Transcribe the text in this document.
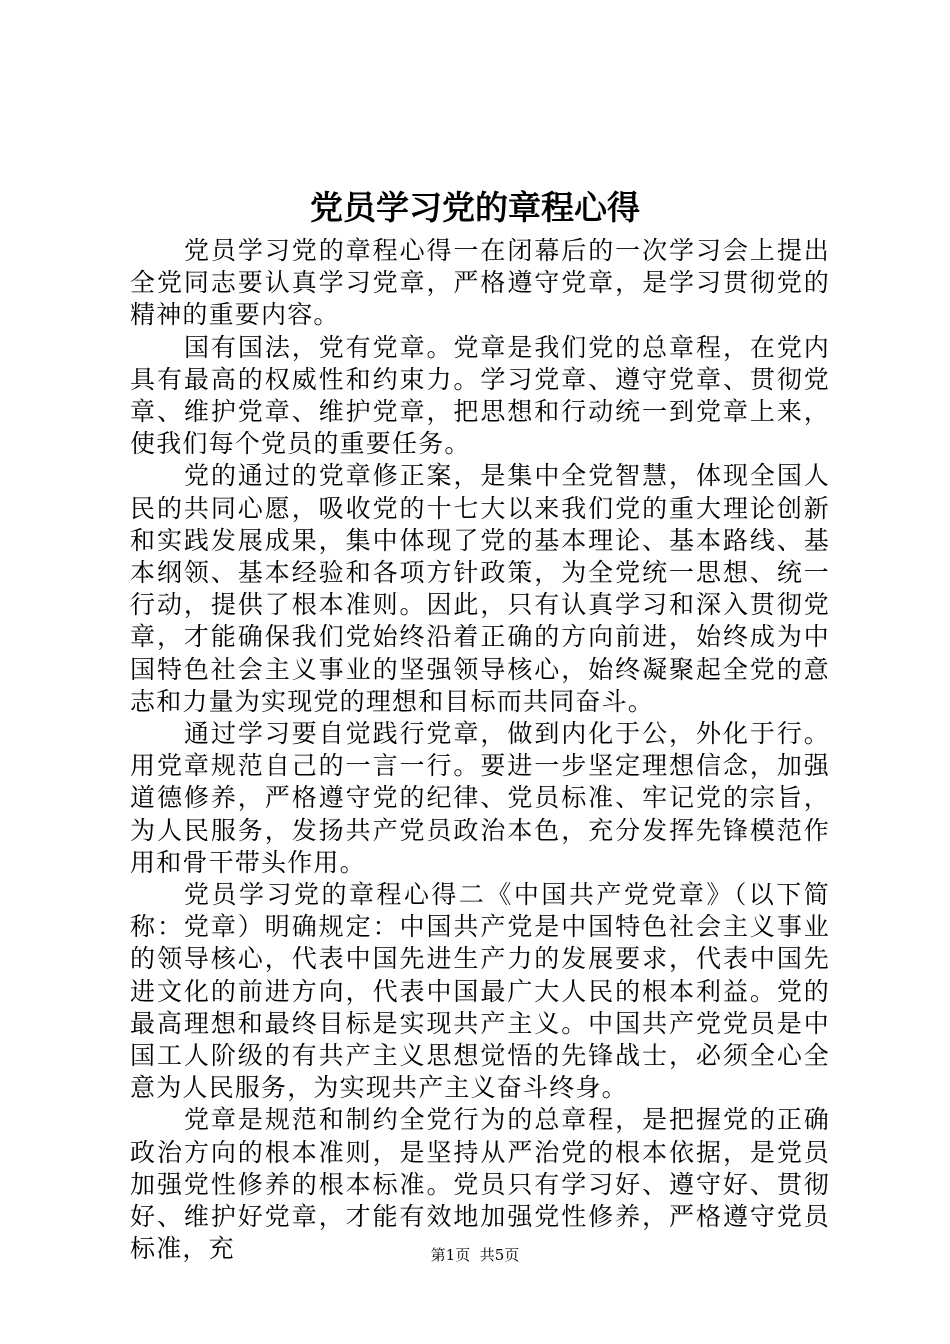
党员学习党的章程心得

党员学习党的章程心得一在闭幕后的一次学习会上提出全党同志要认真学习党章，严格遵守党章，是学习贯彻党的精神的重要内容。

国有国法，党有党章。党章是我们党的总章程，在党内具有最高的权威性和约束力。学习党章、遵守党章、贯彻党章、维护党章、维护党章，把思想和行动统一到党章上来，使我们每个党员的重要任务。

党的通过的党章修正案，是集中全党智慧，体现全国人民的共同心愿，吸收党的十七大以来我们党的重大理论创新和实践发展成果，集中体现了党的基本理论、基本路线、基本纲领、基本经验和各项方针政策，为全党统一思想、统一行动，提供了根本准则。因此，只有认真学习和深入贯彻党章，才能确保我们党始终沿着正确的方向前进，始终成为中国特色社会主义事业的坚强领导核心，始终凝聚起全党的意志和力量为实现党的理想和目标而共同奋斗。

通过学习要自觉践行党章，做到内化于公，外化于行。用党章规范自己的一言一行。要进一步坚定理想信念，加强道德修养，严格遵守党的纪律、党员标准、牢记党的宗旨，为人民服务，发扬共产党员政治本色，充分发挥先锋模范作用和骨干带头作用。

党员学习党的章程心得二《中国共产党党章》（以下简称：党章）明确规定：中国共产党是中国特色社会主义事业的领导核心，代表中国先进生产力的发展要求，代表中国先进文化的前进方向，代表中国最广大人民的根本利益。党的最高理想和最终目标是实现共产主义。中国共产党党员是中国工人阶级的有共产主义思想觉悟的先锋战士，必须全心全意为人民服务，为实现共产主义奋斗终身。

党章是规范和制约全党行为的总章程，是把握党的正确政治方向的根本准则，是坚持从严治党的根本依据，是党员加强党性修养的根本标准。党员只有学习好、遵守好、贯彻好、维护好党章，才能有效地加强党性修养，严格遵守党员标准，充	第1页 共5页
